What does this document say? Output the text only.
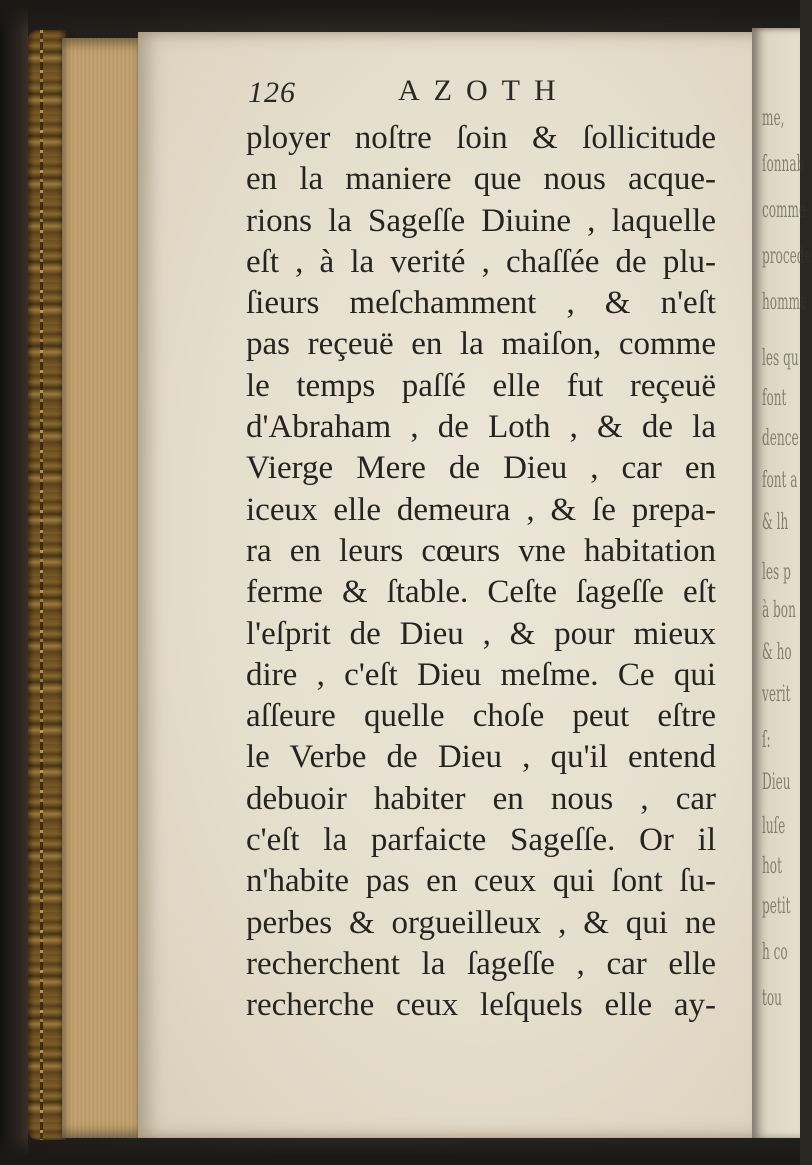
me,
ſonnab
comme
procede
homme
les qu
font
dence
font a
& lh
les p
à bon
& ho
verit
ſ:
Dieu
luſe
hot
petit
h co
tou
126	AZOTH
ployer noſtre ſoin & ſollicitude
en la maniere que nous acque-
rions la Sageſſe Diuine , laquelle
eſt , à la verité , chaſſée de plu-
ſieurs meſchamment , & n'eſt
pas reçeuë en la maiſon, comme
le temps paſſé elle fut reçeuë
d'Abraham , de Loth , & de la
Vierge Mere de Dieu , car en
iceux elle demeura , & ſe prepa-
ra en leurs cœurs vne habitation
ferme & ſtable. Ceſte ſageſſe eſt
l'eſprit de Dieu , & pour mieux
dire , c'eſt Dieu meſme. Ce qui
aſſeure quelle choſe peut eſtre
le Verbe de Dieu , qu'il entend
debuoir habiter en nous , car
c'eſt la parfaicte Sageſſe. Or il
n'habite pas en ceux qui ſont ſu-
perbes & orgueilleux , & qui ne
recherchent la ſageſſe , car elle
recherche ceux leſquels elle ay-
